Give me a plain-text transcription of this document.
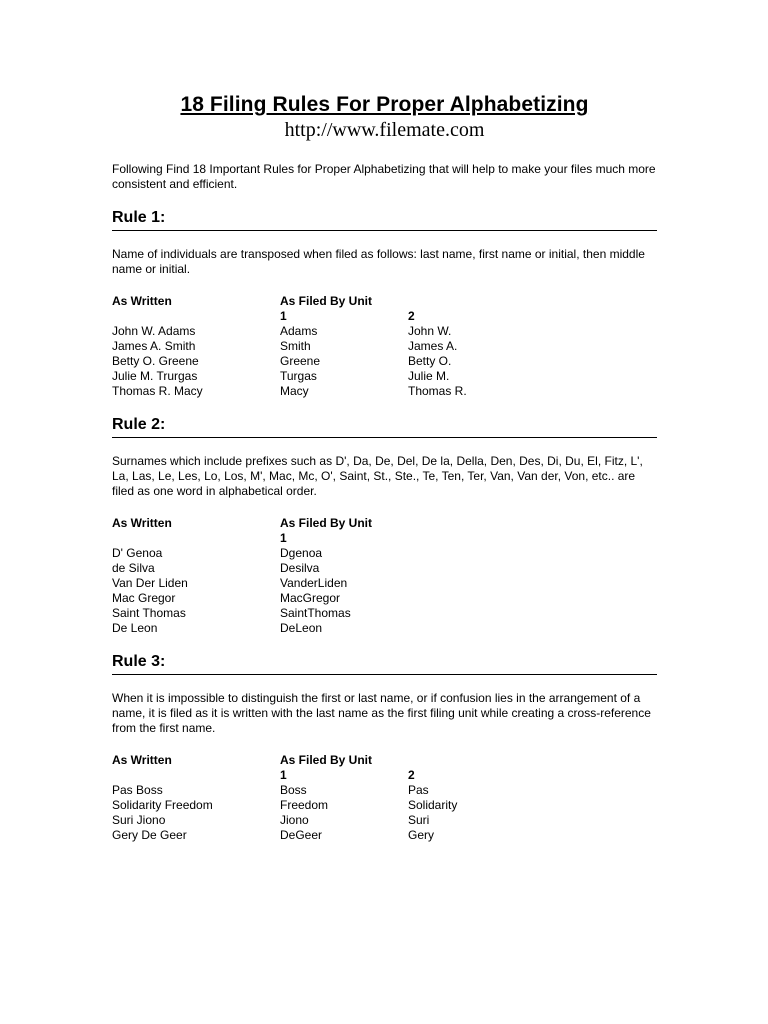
18 Filing Rules For Proper Alphabetizing

http://www.filemate.com

Following Find 18 Important Rules for Proper Alphabetizing that will help to make your files much more consistent and efficient.

Rule 1:

Name of individuals are transposed when filed as follows: last name, first name or initial, then middle name or initial.

As Written	As Filed By Unit	
	1	2
John W. Adams	Adams	John W.
James A. Smith	Smith	James A.
Betty O. Greene	Greene	Betty O.
Julie M. Trurgas	Turgas	Julie M.
Thomas R. Macy	Macy	Thomas R.
Rule 2:

Surnames which include prefixes such as D', Da, De, Del, De la, Della, Den, Des, Di, Du, El, Fitz, L', La, Las, Le, Les, Lo, Los, M', Mac, Mc, O', Saint, St., Ste., Te, Ten, Ter, Van, Van der, Von, etc.. are filed as one word in alphabetical order.

As Written	As Filed By Unit
	1
D' Genoa	Dgenoa
de Silva	Desilva
Van Der Liden	VanderLiden
Mac Gregor	MacGregor
Saint Thomas	SaintThomas
De Leon	DeLeon
Rule 3:

When it is impossible to distinguish the first or last name, or if confusion lies in the arrangement of a name, it is filed as it is written with the last name as the first filing unit while creating a cross-reference from the first name.

As Written	As Filed By Unit	
	1	2
Pas Boss	Boss	Pas
Solidarity Freedom	Freedom	Solidarity
Suri Jiono	Jiono	Suri
Gery De Geer	DeGeer	Gery
